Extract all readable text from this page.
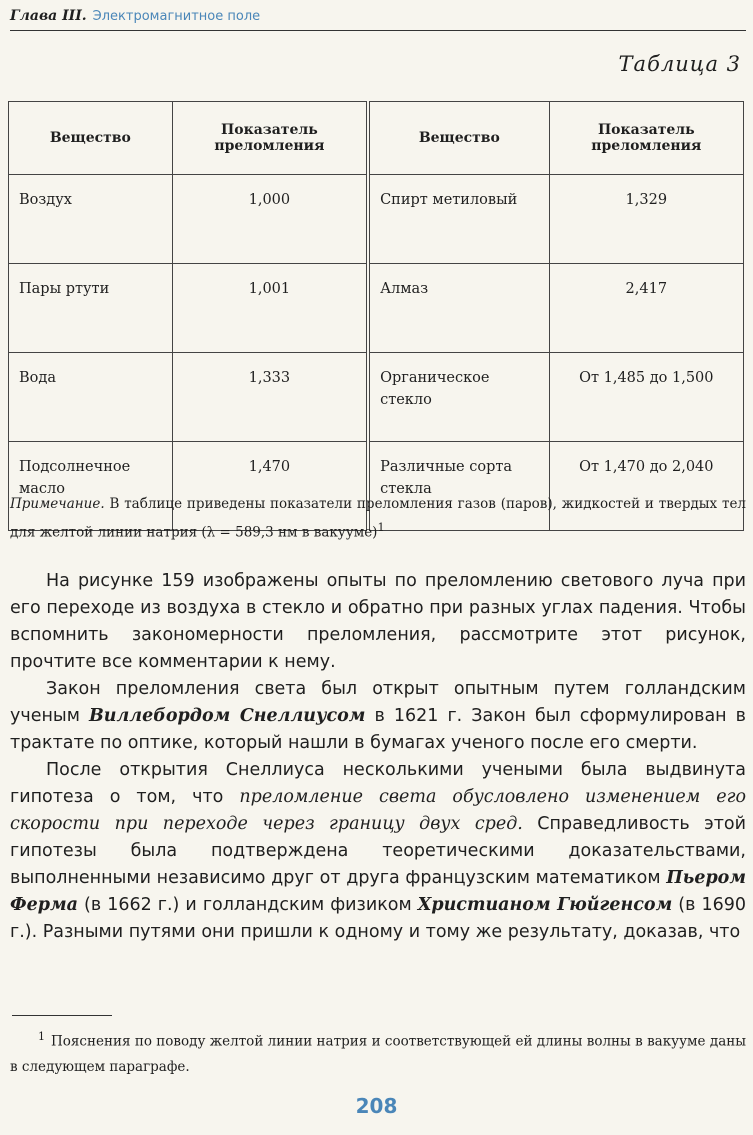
Глава III. Электромагнитное поле
Таблица 3
Вещество	Показатель преломления	Вещество	Показатель преломления
Воздух	1,000	Спирт метиловый	1,329
Пары ртути	1,001	Алмаз	2,417
Вода	1,333	Органическое стекло	От 1,485 до 1,500
Подсолнечное масло	1,470	Различные сорта стекла	От 1,470 до 2,040
Примечание. В таблице приведены показатели преломления газов (паров), жидкостей и твердых тел для желтой линии натрия (λ = 589,3 нм в вакууме)$^1$

На рисунке 159 изображены опыты по преломлению светового луча при его переходе из воздуха в стекло и обратно при разных углах падения. Чтобы вспомнить закономерности преломления, рассмотрите этот рисунок, прочтите все комментарии к нему.

Закон преломления света был открыт опытным путем голландским ученым Виллебордом Снеллиусом в 1621 г. Закон был сформулирован в трактате по оптике, который нашли в бумагах ученого после его смерти.

После открытия Снеллиуса несколькими учеными была выдвинута гипотеза о том, что преломление света обусловлено изменением его скорости при переходе через границу двух сред. Справедливость этой гипотезы была подтверждена теоретическими доказательствами, выполненными независимо друг от друга французским математиком Пьером Ферма (в 1662 г.) и голландским физиком Христианом Гюйгенсом (в 1690 г.). Разными путями они пришли к одному и тому же результату, доказав, что

$^1$ Пояснения по поводу желтой линии натрия и соответствующей ей длины волны в вакууме даны в следующем параграфе.
208
